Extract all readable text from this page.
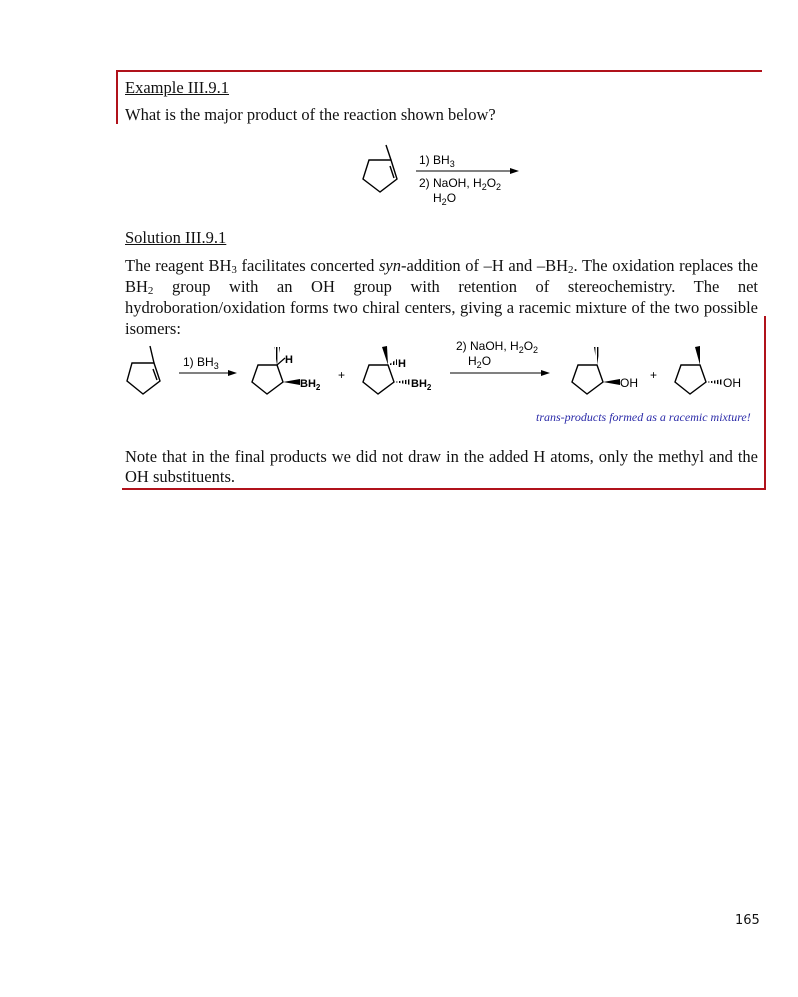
Example III.9.1
What is the major product of the reaction shown below?
1) $BH_3$
2) NaOH, $H_2O_2$
$H_2O$
Solution III.9.1
The reagent $BH_3$ facilitates concerted syn-addition of –H and $-BH_2$. The oxidation replaces the $BH_2$ group with an OH group with retention of stereochemistry. The net hydroboration/oxidation forms two chiral centers, giving a racemic mixture of the two possible isomers:
1) $BH_3$	H
$BH_2$
+
H
$BH_2$
2) NaOH, $H_2O_2$
$H_2O$
OH
+
OH
trans-products formed as a racemic mixture!
Note that in the final products we did not draw in the added H atoms, only the methyl and the OH substituents.
165
